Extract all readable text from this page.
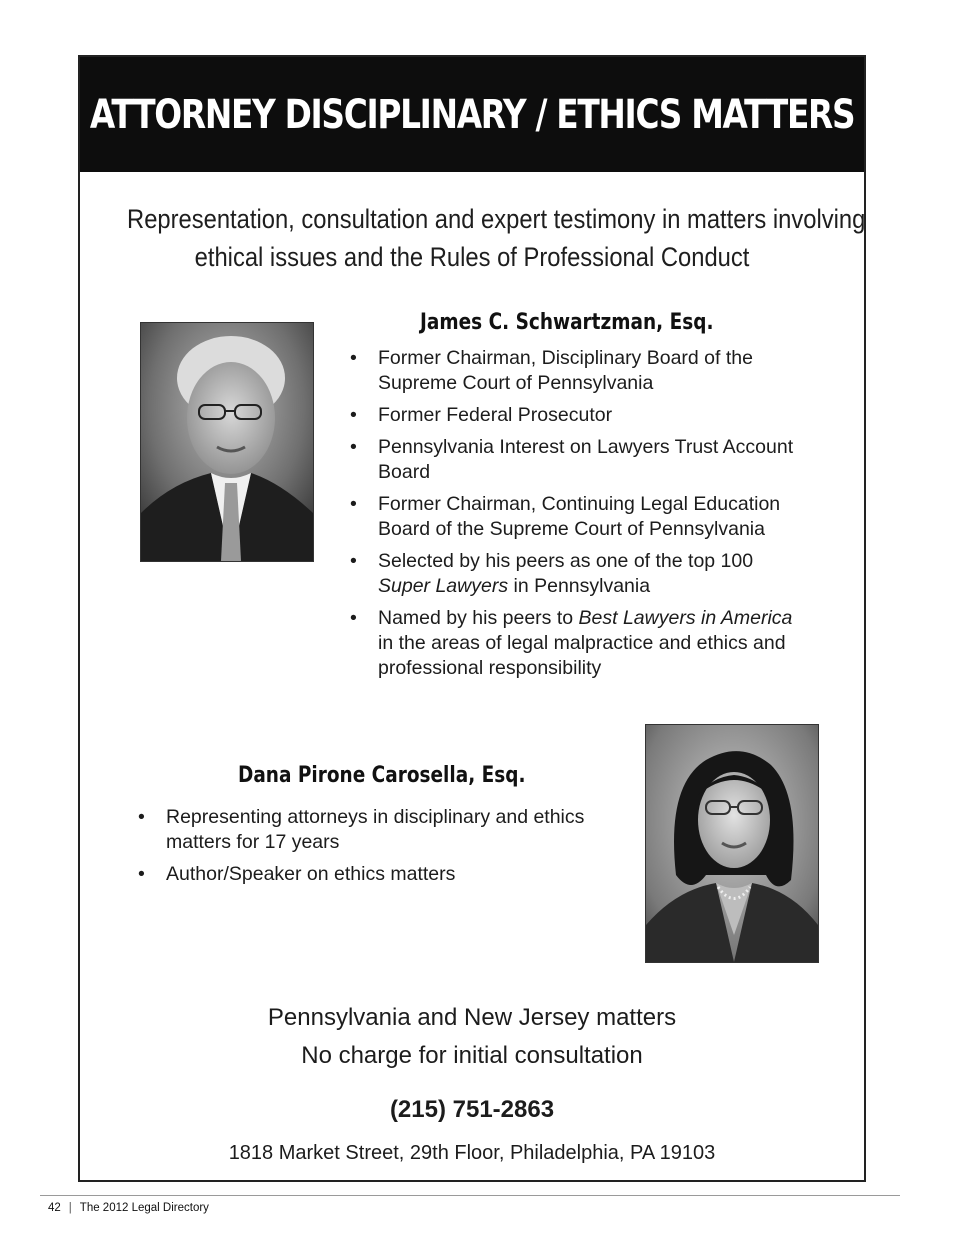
ATTORNEY DISCIPLINARY / ETHICS MATTERS
Representation, consultation and expert testimony in matters involving
ethical issues and the Rules of Professional Conduct
James C. Schwartzman, Esq.
• Former Chairman, Disciplinary Board of the
Supreme Court of Pennsylvania
• Former Federal Prosecutor
• Pennsylvania Interest on Lawyers Trust Account
Board
• Former Chairman, Continuing Legal Education
Board of the Supreme Court of Pennsylvania
• Selected by his peers as one of the top 100
Super Lawyers in Pennsylvania
• Named by his peers to Best Lawyers in America
in the areas of legal malpractice and ethics and
professional responsibility
Dana Pirone Carosella, Esq.
• Representing attorneys in disciplinary and ethics
matters for 17 years
• Author/Speaker on ethics matters
Pennsylvania and New Jersey matters
No charge for initial consultation
(215) 751-2863
1818 Market Street, 29th Floor, Philadelphia, PA 19103
42 | The 2012 Legal Directory
